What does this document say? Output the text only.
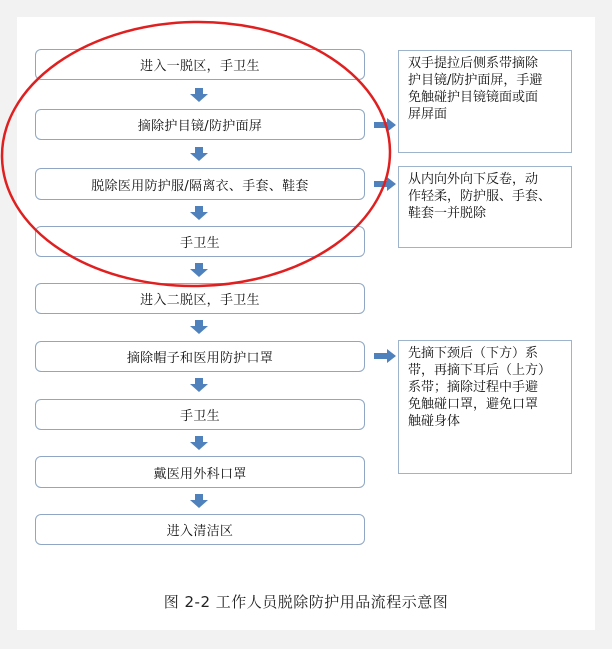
进入一脱区，手卫生
摘除护目镜/防护面屏
脱除医用防护服/隔离衣、手套、鞋套
手卫生
进入二脱区，手卫生
摘除帽子和医用防护口罩
手卫生
戴医用外科口罩
进入清洁区
双手提拉后侧系带摘除
护目镜/防护面屏，手避
免触碰护目镜镜面或面
屏屏面
从内向外向下反卷，动
作轻柔，防护服、手套、
鞋套一并脱除
先摘下颈后（下方）系
带，再摘下耳后（上方）
系带；摘除过程中手避
免触碰口罩，避免口罩
触碰身体
图 2-2 工作人员脱除防护用品流程示意图
